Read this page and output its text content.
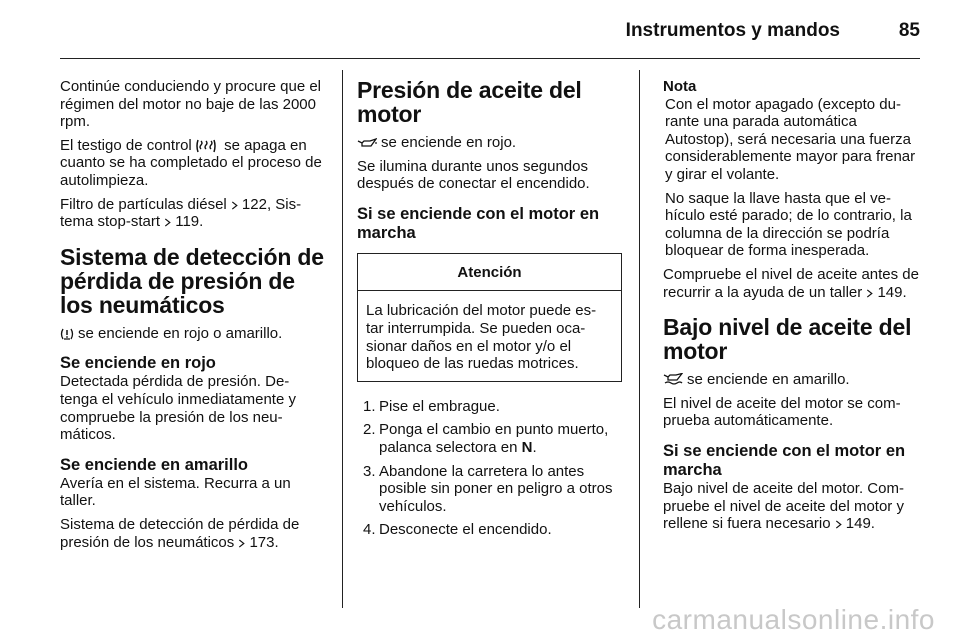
Instrumentos y mandos	85

Continúe conduciendo y procure que el régimen del motor no baje de las 2000 rpm.

El testigo de control se apaga en cuanto se ha completado el proceso de autolimpieza.

Filtro de partículas diésel 122, Sis- tema stop-start 119.

Sistema de detección de pérdida de presión de los neumáticos

se enciende en rojo o amarillo.

Se enciende en rojo

Detectada pérdida de presión. De- tenga el vehículo inmediatamente y compruebe la presión de los neu- máticos.

Se enciende en amarillo

Avería en el sistema. Recurra a un taller.

Sistema de detección de pérdida de presión de los neumáticos 173.

Presión de aceite del motor

se enciende en rojo.

Se ilumina durante unos segundos después de conectar el encendido.

Si se enciende con el motor en marcha
Atención
La lubricación del motor puede es- tar interrumpida. Se pueden oca- sionar daños en el motor y/o el bloqueo de las ruedas motrices.
1. Pise el embrague.
2. Ponga el cambio en punto muerto, palanca selectora en N.
3. Abandone la carretera lo antes posible sin poner en peligro a otros vehículos.
4. Desconecte el encendido.
Nota

Con el motor apagado (excepto du- rante una parada automática Autostop), será necesaria una fuerza considerablemente mayor para frenar y girar el volante.

No saque la llave hasta que el ve- hículo esté parado; de lo contrario, la columna de la dirección se podría bloquear de forma inesperada.

Compruebe el nivel de aceite antes de recurrir a la ayuda de un taller 149.

Bajo nivel de aceite del motor

se enciende en amarillo.

El nivel de aceite del motor se com- prueba automáticamente.

Si se enciende con el motor en marcha

Bajo nivel de aceite del motor. Com- pruebe el nivel de aceite del motor y rellene si fuera necesario 149.

carmanualsonline.info
